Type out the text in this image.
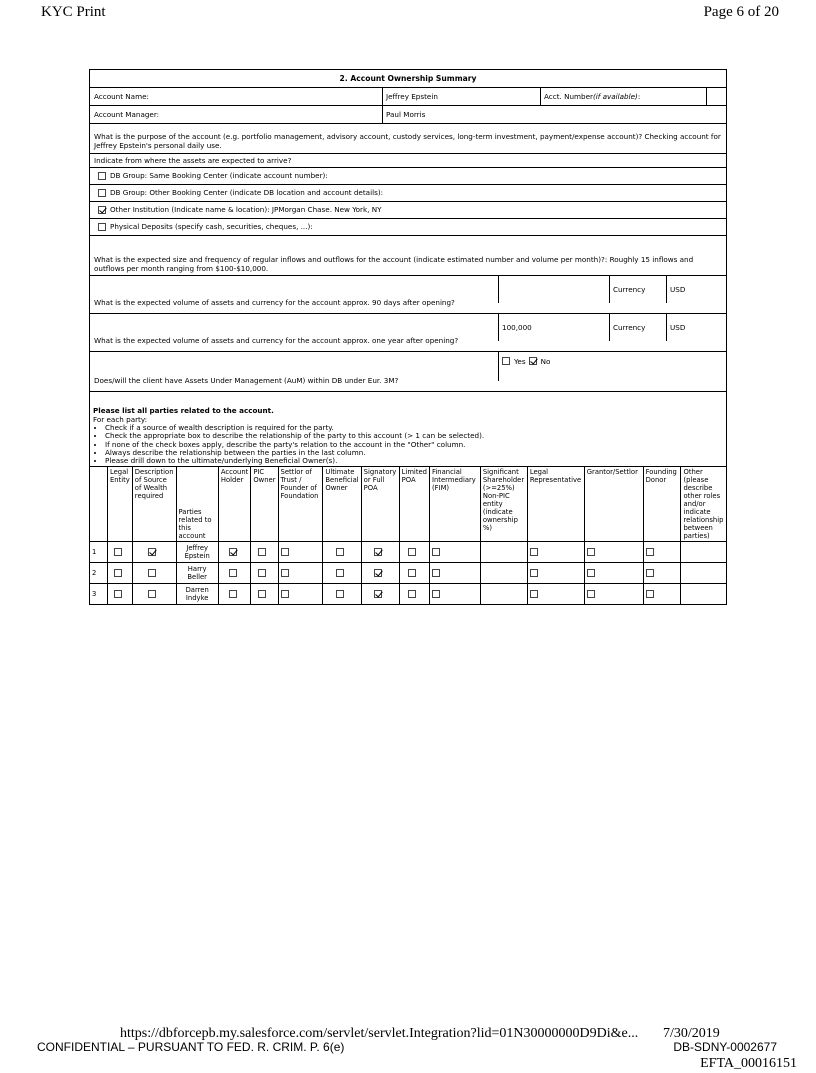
KYC Print	Page 6 of 20
2. Account Ownership Summary
Account Name:	Jeffrey Epstein	Acct. Number (if available) :
Account Manager:	Paul Morris
What is the purpose of the account (e.g. portfolio management, advisory account, custody services, long-term investment, payment/expense account)? Checking account for Jeffrey Epstein's personal daily use.
Indicate from where the assets are expected to arrive?
DB Group: Same Booking Center (indicate account number):
DB Group: Other Booking Center (indicate DB location and account details):
Other Institution (Indicate name & location): JPMorgan Chase. New York, NY
Physical Deposits (specify cash, securities, cheques, ...):
What is the expected size and frequency of regular inflows and outflows for the account (indicate estimated number and volume per month)?: Roughly 15 inflows and outflows per month ranging from $100-$10,000.
What is the expected volume of assets and currency for the account approx. 90 days after opening?
Currency	USD
What is the expected volume of assets and currency for the account approx. one year after opening?
100,000	Currency	USD
Does/will the client have Assets Under Management (AuM) within DB under Eur. 3M?
Yes No
Please list all parties related to the account.
For each party:
• Check if a source of wealth description is required for the party.
• Check the appropriate box to describe the relationship of the party to this account (> 1 can be selected).
• If none of the check boxes apply, describe the party's relation to the account in the "Other" column.
• Always describe the relationship between the parties in the last column.
• Please drill down to the ultimate/underlying Beneficial Owner(s).
	Legal Entity	Description of Source of Wealth required	Parties related to this account	Account Holder	PIC Owner	Settlor of Trust / Founder of Foundation	Ultimate Beneficial Owner	Signatory or Full POA	Limited POA	Financial Intermediary (FIM)	Significant Shareholder (>=25%) Non-PIC entity (indicate ownership %)	Legal Representative	Grantor/Settlor	Founding Donor	Other (please describe other roles and/or indicate relationship between parties)
1			Jeffrey Epstein												
2			Harry Beller												
3			Darren Indyke												
https://dbforcepb.my.salesforce.com/servlet/servlet.Integration?lid=01N30000000D9Di&e... 7/30/2019
CONFIDENTIAL – PURSUANT TO FED. R. CRIM. P. 6(e)	DB-SDNY-0002677
EFTA_00016151
